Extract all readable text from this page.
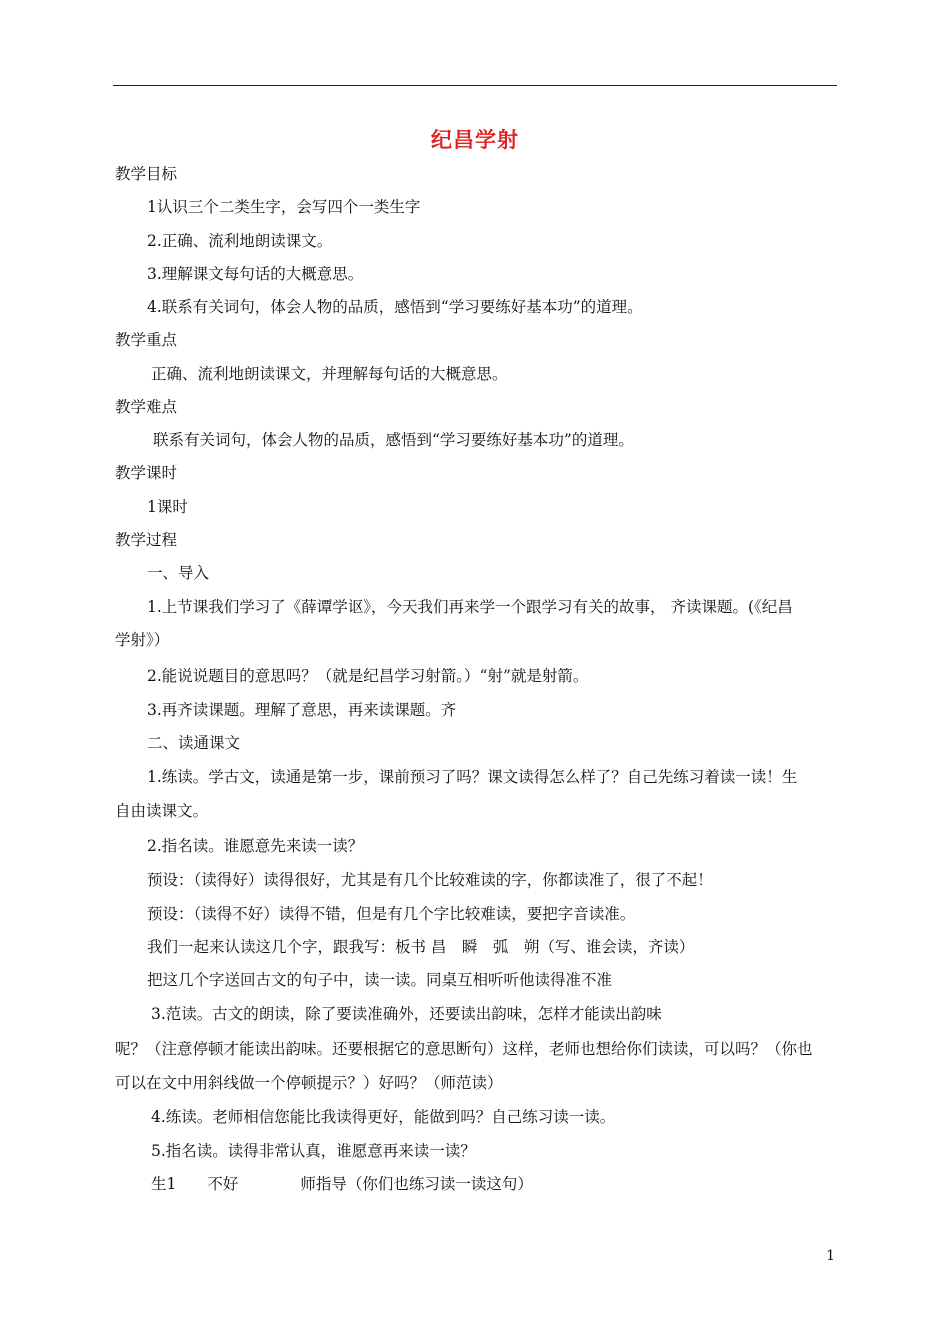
纪昌学射
教学目标
1认识三个二类生字，会写四个一类生字
2.正确、流利地朗读课文。
3.理解课文每句话的大概意思。
4.联系有关词句，体会人物的品质，感悟到“学习要练好基本功”的道理。
教学重点
正确、流利地朗读课文，并理解每句话的大概意思。
教学难点
联系有关词句，体会人物的品质，感悟到“学习要练好基本功”的道理。
教学课时
1课时
教学过程
一、导入
1.上节课我们学习了《薛谭学讴》，今天我们再来学一个跟学习有关的故事， 齐读课题。(《纪昌
学射》）
2.能说说题目的意思吗？（就是纪昌学习射箭。）“射”就是射箭。
3.再齐读课题。理解了意思，再来读课题。齐
二、读通课文
1.练读。学古文，读通是第一步，课前预习了吗？课文读得怎么样了？自己先练习着读一读！生
自由读课文。
2.指名读。谁愿意先来读一读？
预设：（读得好）读得很好，尤其是有几个比较难读的字，你都读准了，很了不起！
预设：（读得不好）读得不错，但是有几个字比较难读，要把字音读准。
我们一起来认读这几个字，跟我写：板书 昌　瞬　弧　朔（写、谁会读，齐读）
把这几个字送回古文的句子中，读一读。同桌互相听听他读得准不准
3.范读。古文的朗读，除了要读准确外，还要读出韵味，怎样才能读出韵味
呢？（注意停顿才能读出韵味。还要根据它的意思断句）这样，老师也想给你们读读，可以吗？（你也
可以在文中用斜线做一个停顿提示？）好吗？（师范读）
4.练读。老师相信您能比我读得更好，能做到吗？自己练习读一读。
5.指名读。读得非常认真，谁愿意再来读一读？
生1　　不好　　　　师指导（你们也练习读一读这句）
1
